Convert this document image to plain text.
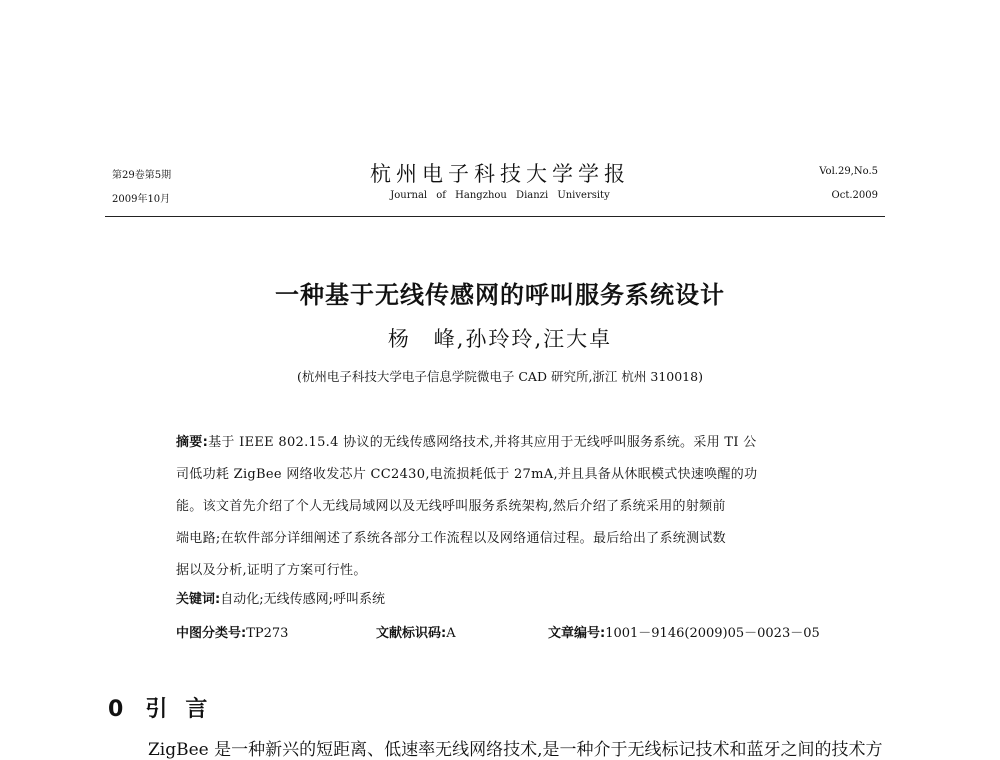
第29卷第5期
2009年10月
杭州电子科技大学学报
Journal of Hangzhou Dianzi University
Vol.29,No.5
Oct.2009
一种基于无线传感网的呼叫服务系统设计
杨　峰,孙玲玲,汪大卓
(杭州电子科技大学电子信息学院微电子 CAD 研究所,浙江 杭州 310018)
摘要:基于 IEEE 802.15.4 协议的无线传感网络技术,并将其应用于无线呼叫服务系统。采用 TI 公
司低功耗 ZigBee 网络收发芯片 CC2430,电流损耗低于 27mA,并且具备从休眠模式快速唤醒的功
能。该文首先介绍了个人无线局域网以及无线呼叫服务系统架构,然后介绍了系统采用的射频前
端电路;在软件部分详细阐述了系统各部分工作流程以及网络通信过程。最后给出了系统测试数
据以及分析,证明了方案可行性。
关键词:自动化;无线传感网;呼叫系统
中图分类号:TP273	文献标识码:A	文章编号:1001－9146(2009)05－0023－05
0 引言
ZigBee 是一种新兴的短距离、低速率无线网络技术,是一种介于无线标记技术和蓝牙之间的技术方
